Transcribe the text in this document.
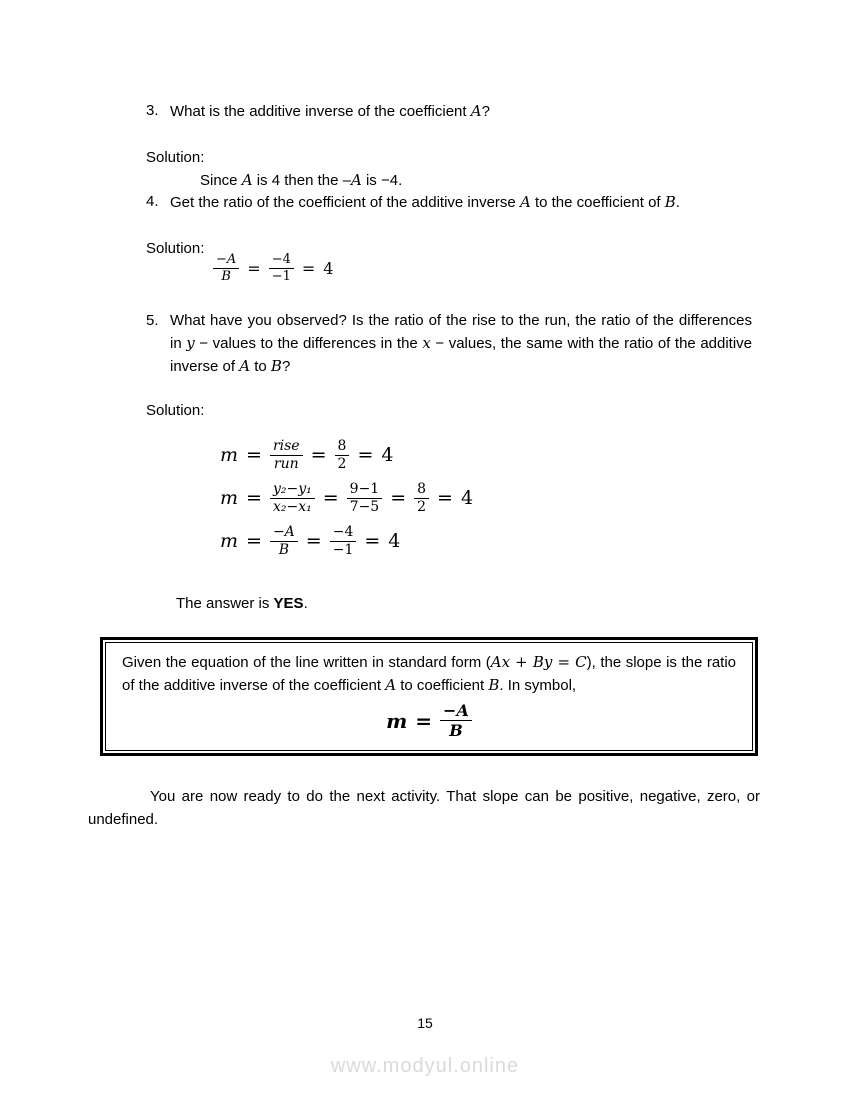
3. What is the additive inverse of the coefficient A?
Solution:
Since A is 4 then the –A is −4.
4. Get the ratio of the coefficient of the additive inverse A to the coefficient of B.
Solution:
$\frac{-A}{B} = \frac{-4}{-1} = 4$
5. What have you observed? Is the ratio of the rise to the run, the ratio of the differences in y − values to the differences in the x − values, the same with the ratio of the additive inverse of A to B?
Solution:
$m = \frac{\text{rise}}{\text{run}} = \frac{8}{2} = 4$
$m = \frac{\text{y₂−y₁}}{\text{x₂−x₁}} = \frac{9-1}{7-5} = \frac{8}{2} = 4$
$m = \frac{-A}{B} = \frac{-4}{-1} = 4$
The answer is YES.
Given the equation of the line written in standard form (Ax + By = C), the slope is the ratio of the additive inverse of the coefficient A to coefficient B. In symbol,
$m = \frac{-A}{B}$
You are now ready to do the next activity. That slope can be positive, negative, zero, or undefined.
15
www.modyul.online
